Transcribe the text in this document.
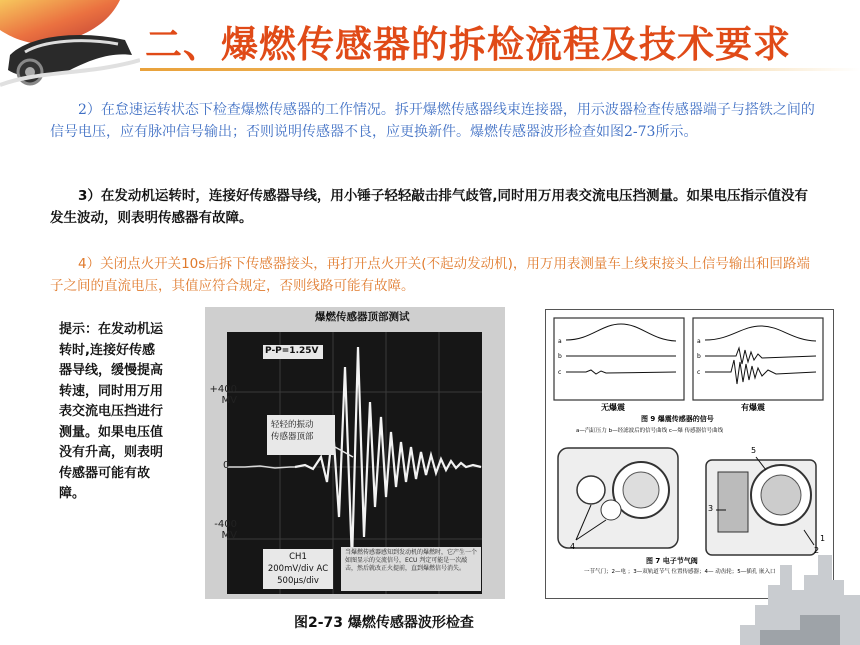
二、爆燃传感器的拆检流程及技术要求
2）在怠速运转状态下检查爆燃传感器的工作情况。拆开爆燃传感器线束连接器，用示波器检查传感器端子与搭铁之间的信号电压，应有脉冲信号输出；否则说明传感器不良，应更换新件。爆燃传感器波形检查如图2-73所示。
3）在发动机运转时，连接好传感器导线，用小锤子轻轻敲击排气歧管,同时用万用表交流电压挡测量。如果电压指示值没有发生波动，则表明传感器有故障。
4）关闭点火开关10s后拆下传感器接头，再打开点火开关(不起动发动机)，用万用表测量车上线束接头上信号输出和回路端子之间的直流电压，其值应符合规定，否则线路可能有故障。
提示：在发动机运转时,连接好传感器导线，缓慢提高转速，同时用万用表交流电压挡进行测量。如果电压值没有升高，则表明传感器可能有故障。
爆燃传感器顶部测试
P-P=1.25V
+400
MV
0
-400
MV
轻轻的振动
传感器顶部
CH1
200mV/div AC
500μs/div
当爆燃传感器感知到发动机的爆燃时，它产生一个如图显示的交流信号，ECU 判定可能是一次敲击，然后就改正火提前，直到爆燃信号消失。
a
b
c
a
b
c
无爆震	有爆震
图 9 爆震传感器的信号
a—汽缸压力 b—经滤波后的信号曲线 c—爆 传感器信号曲线
4
5
3
2
1
图 7 电子节气阀
一节气门；2—电 ；3—双轨道节气 位置传感器；4— 动齿轮；5—插孔 嵌入口
图2-73 爆燃传感器波形检查
